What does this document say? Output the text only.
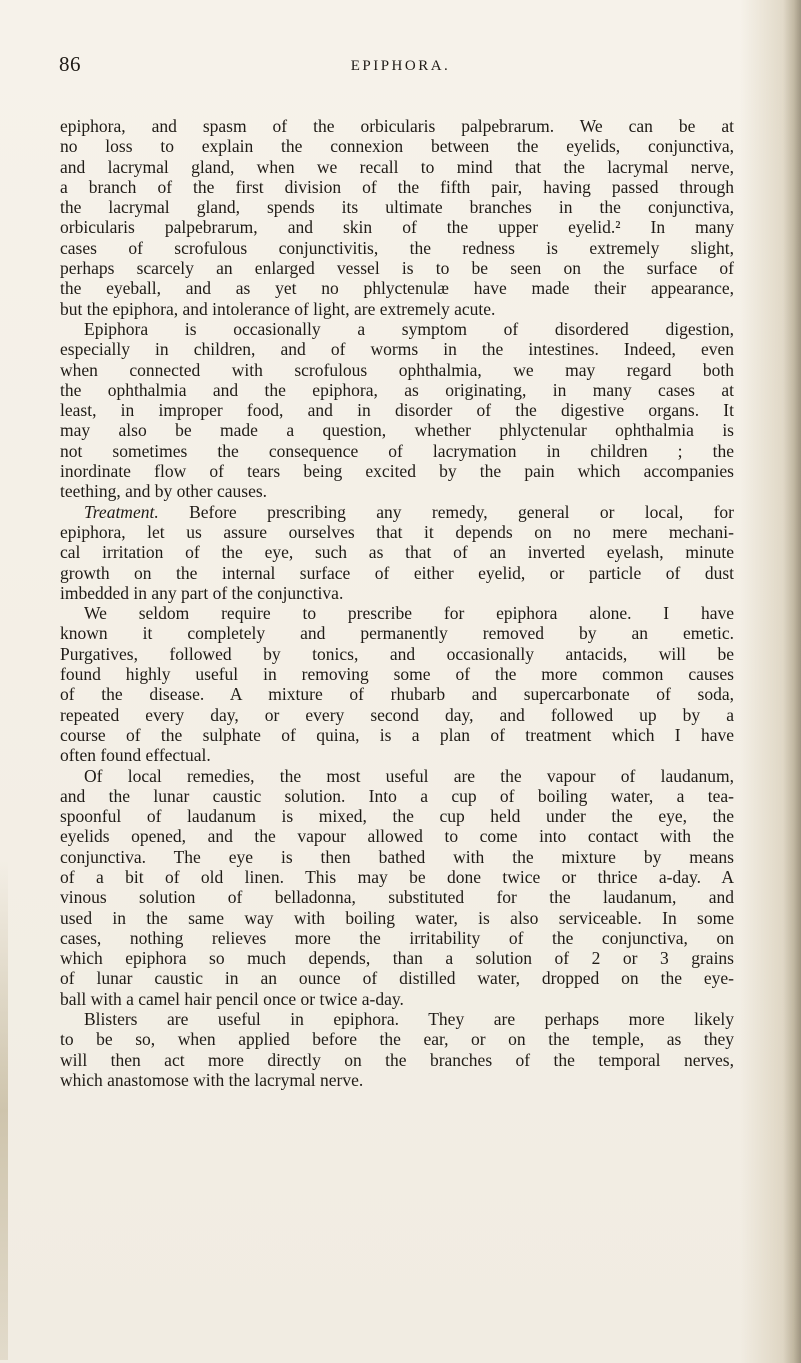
86	EPIPHORA.
epiphora, and spasm of the orbicularis palpebrarum. We can be at
no loss to explain the connexion between the eyelids, conjunctiva,
and lacrymal gland, when we recall to mind that the lacrymal nerve,
a branch of the first division of the fifth pair, having passed through
the lacrymal gland, spends its ultimate branches in the conjunctiva,
orbicularis palpebrarum, and skin of the upper eyelid.² In many
cases of scrofulous conjunctivitis, the redness is extremely slight,
perhaps scarcely an enlarged vessel is to be seen on the surface of
the eyeball, and as yet no phlyctenulæ have made their appearance,
but the epiphora, and intolerance of light, are extremely acute.
Epiphora is occasionally a symptom of disordered digestion,
especially in children, and of worms in the intestines. Indeed, even
when connected with scrofulous ophthalmia, we may regard both
the ophthalmia and the epiphora, as originating, in many cases at
least, in improper food, and in disorder of the digestive organs. It
may also be made a question, whether phlyctenular ophthalmia is
not sometimes the consequence of lacrymation in children ; the
inordinate flow of tears being excited by the pain which accompanies
teething, and by other causes.
Treatment. Before prescribing any remedy, general or local, for
epiphora, let us assure ourselves that it depends on no mere mechani-
cal irritation of the eye, such as that of an inverted eyelash, minute
growth on the internal surface of either eyelid, or particle of dust
imbedded in any part of the conjunctiva.
We seldom require to prescribe for epiphora alone. I have
known it completely and permanently removed by an emetic.
Purgatives, followed by tonics, and occasionally antacids, will be
found highly useful in removing some of the more common causes
of the disease. A mixture of rhubarb and supercarbonate of soda,
repeated every day, or every second day, and followed up by a
course of the sulphate of quina, is a plan of treatment which I have
often found effectual.
Of local remedies, the most useful are the vapour of laudanum,
and the lunar caustic solution. Into a cup of boiling water, a tea-
spoonful of laudanum is mixed, the cup held under the eye, the
eyelids opened, and the vapour allowed to come into contact with the
conjunctiva. The eye is then bathed with the mixture by means
of a bit of old linen. This may be done twice or thrice a-day. A
vinous solution of belladonna, substituted for the laudanum, and
used in the same way with boiling water, is also serviceable. In some
cases, nothing relieves more the irritability of the conjunctiva, on
which epiphora so much depends, than a solution of 2 or 3 grains
of lunar caustic in an ounce of distilled water, dropped on the eye-
ball with a camel hair pencil once or twice a-day.
Blisters are useful in epiphora. They are perhaps more likely
to be so, when applied before the ear, or on the temple, as they
will then act more directly on the branches of the temporal nerves,
which anastomose with the lacrymal nerve.
